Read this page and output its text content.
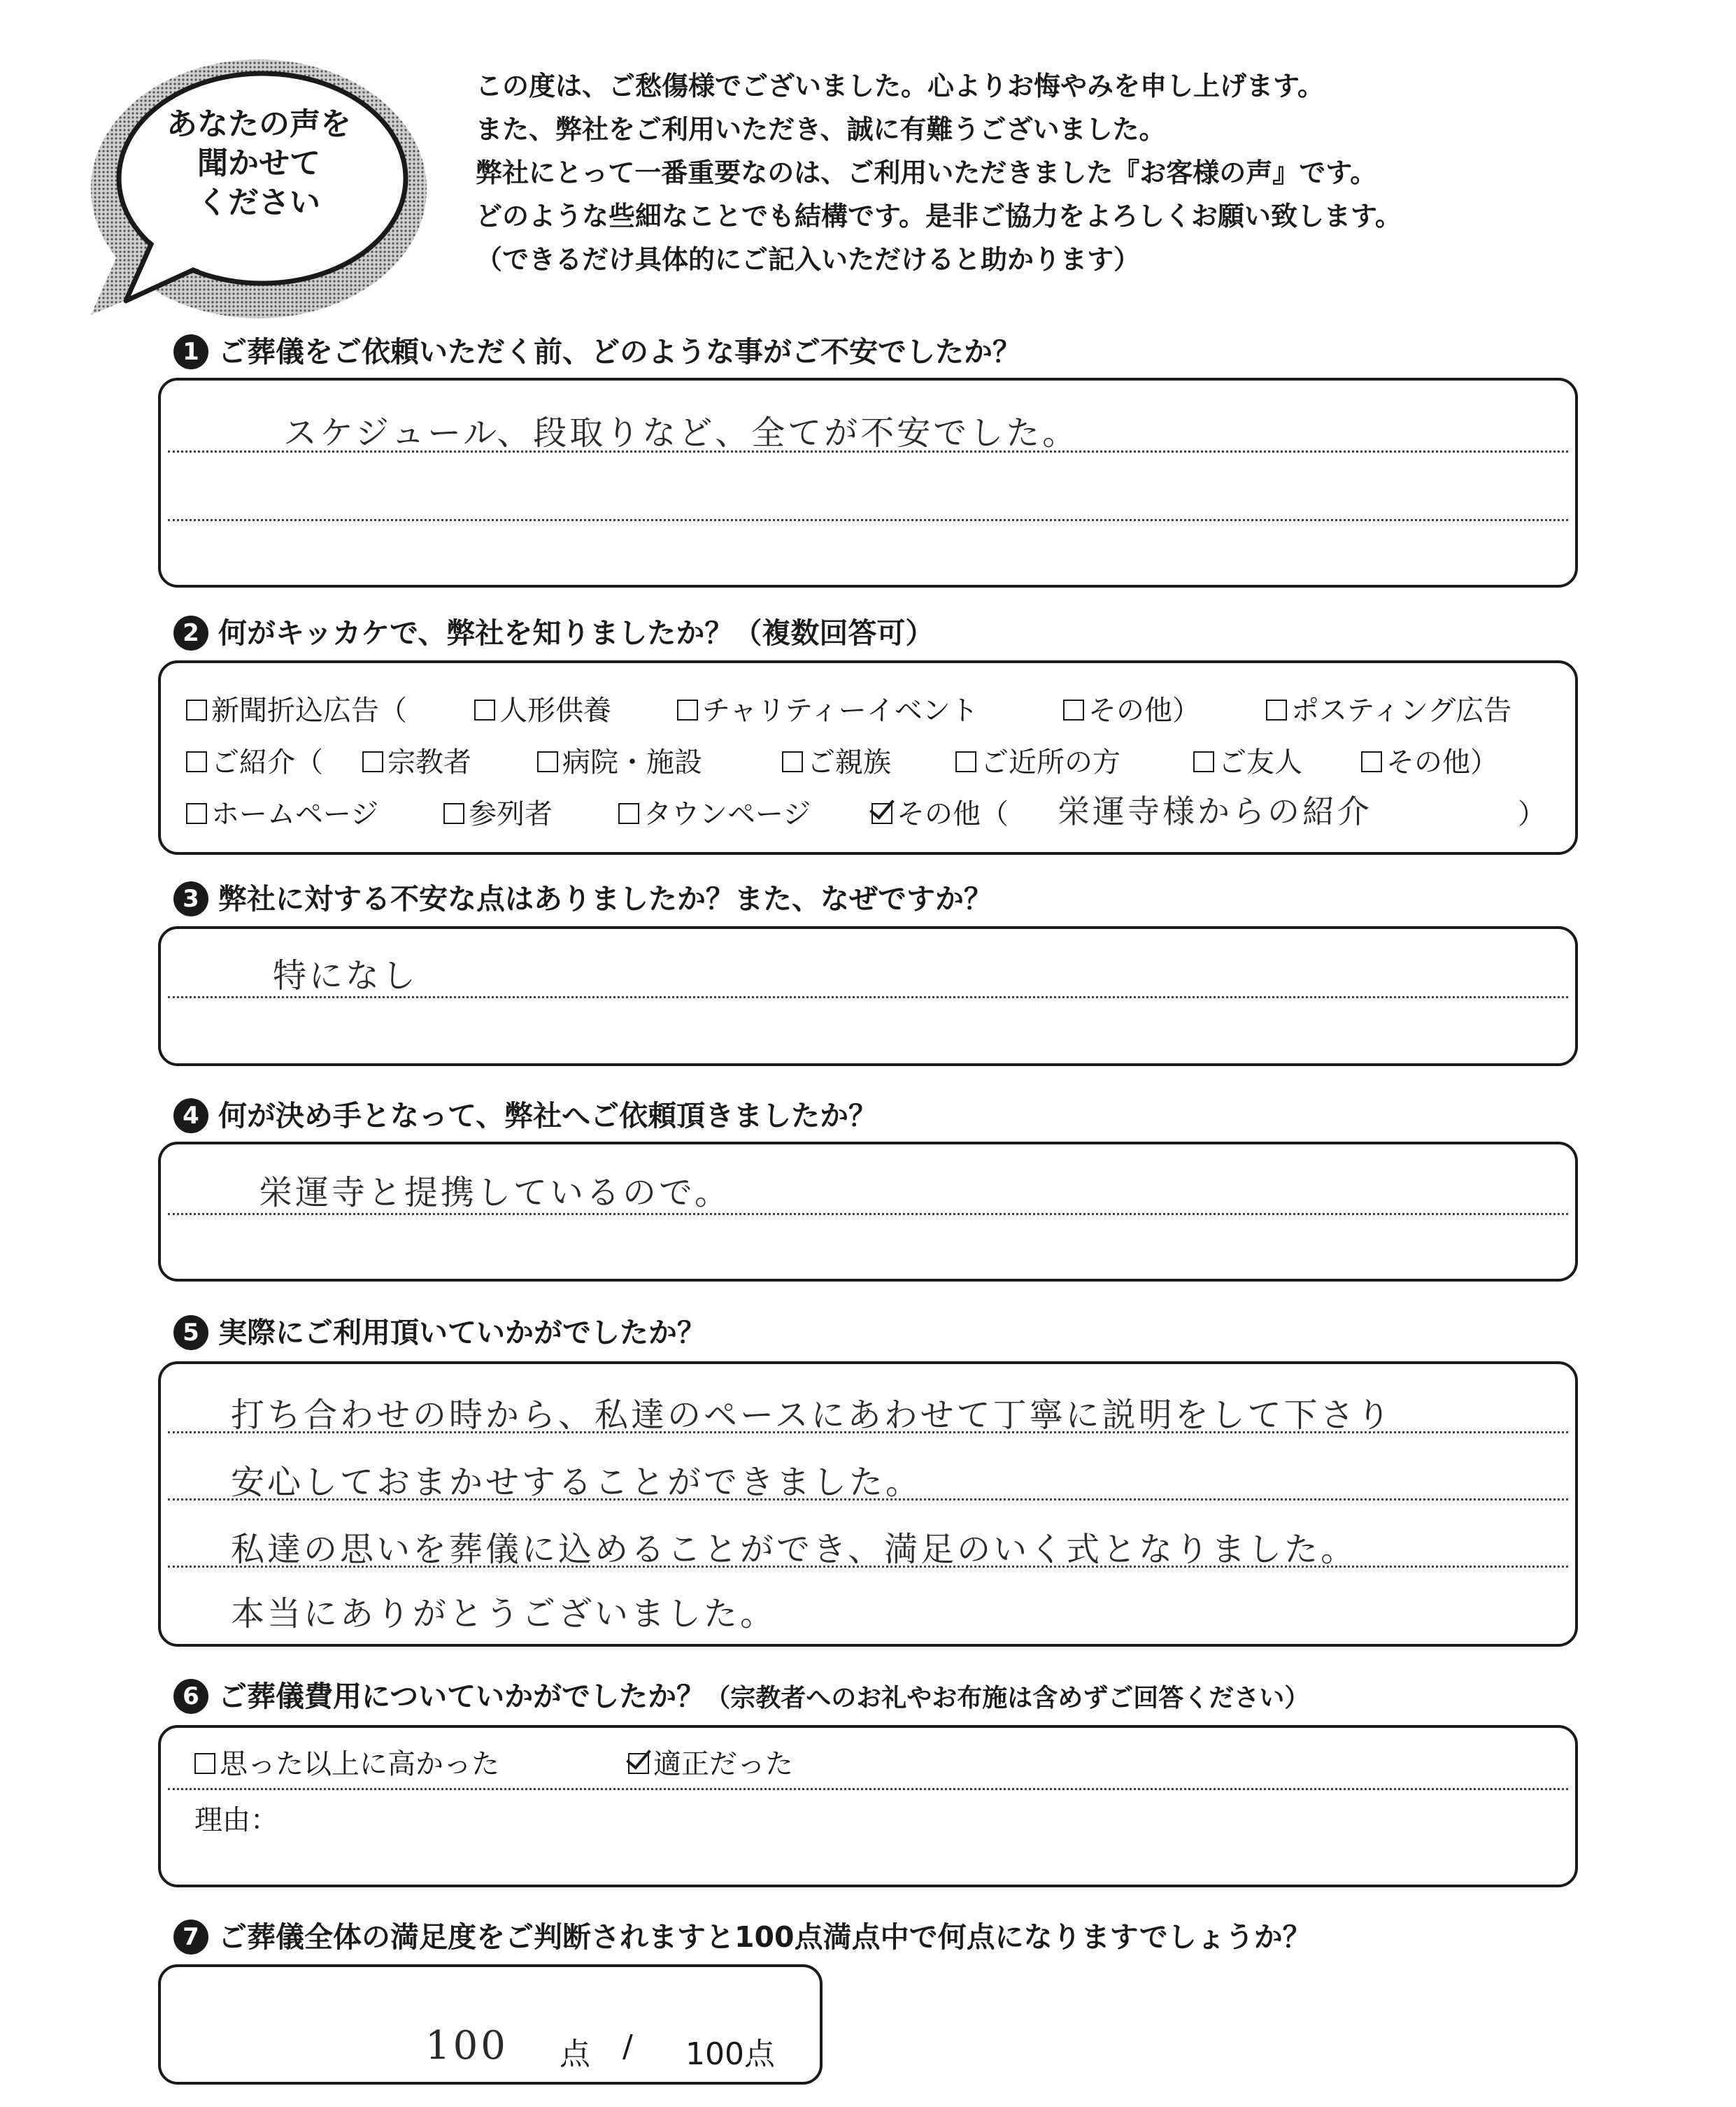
あなたの声を
聞かせて
ください
この度は、ご愁傷様でございました。心よりお悔やみを申し上げます。
また、弊社をご利用いただき、誠に有難うございました。
弊社にとって一番重要なのは、ご利用いただきました『お客様の声』です。
どのような些細なことでも結構です。是非ご協力をよろしくお願い致します。
（できるだけ具体的にご記入いただけると助かります）
1 ご葬儀をご依頼いただく前、どのような事がご不安でしたか？
スケジュール、段取りなど、全てが不安でした。
2 何がキッカケで、弊社を知りましたか？（複数回答可）
新聞折込広告（	人形供養	チャリティーイベント	その他）	ポスティング広告
ご紹介（	宗教者	病院・施設	ご親族	ご近所の方	ご友人	その他）
ホームページ	参列者	タウンページ	その他（ 栄運寺様からの紹介	）
3 弊社に対する不安な点はありましたか？また、なぜですか？
特になし
4 何が決め手となって、弊社へご依頼頂きましたか？
栄運寺と提携しているので。
5 実際にご利用頂いていかがでしたか？
打ち合わせの時から、私達のペースにあわせて丁寧に説明をして下さり
安心しておまかせすることができました。
私達の思いを葬儀に込めることができ、満足のいく式となりました。
本当にありがとうございました。
6 ご葬儀費用についていかがでしたか？（宗教者へのお礼やお布施は含めずご回答ください）
思った以上に高かった	適正だった
理由：
7 ご葬儀全体の満足度をご判断されますと100点満点中で何点になりますでしょうか？
100 点 / 100点
